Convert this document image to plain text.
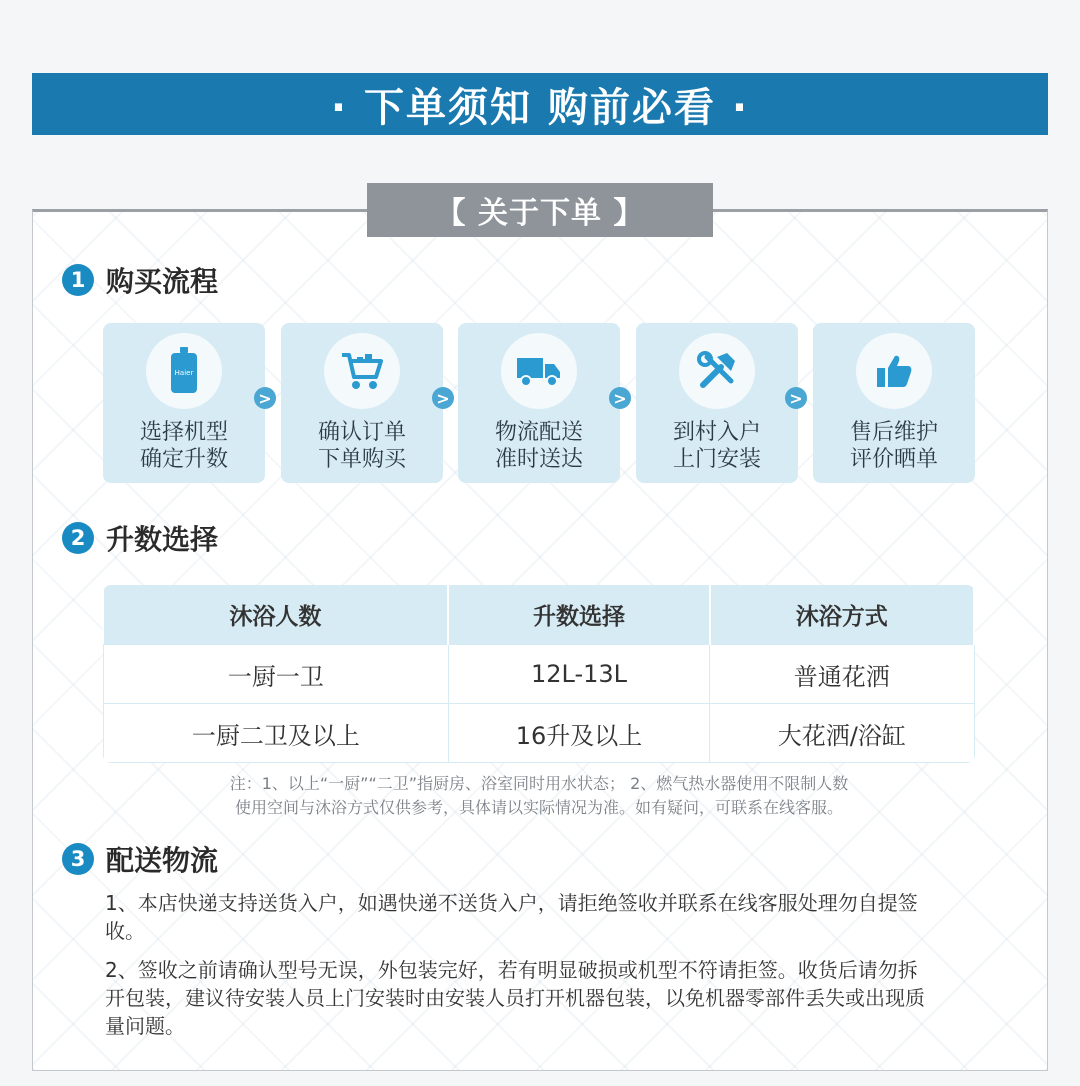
· 下单须知 购前必看 ·
【 关于下单 】
1 购买流程
Haier
选择机型
确定升数
>
确认订单
下单购买
>
物流配送
准时送达
>
到村入户
上门安装
>
售后维护
评价晒单
2 升数选择
沐浴人数	升数选择	沐浴方式
一厨一卫	12L-13L	普通花洒
一厨二卫及以上	16升及以上	大花洒/浴缸
注：1、以上“一厨”“二卫”指厨房、浴室同时用水状态； 2、燃气热水器使用不限制人数
使用空间与沐浴方式仅供参考，具体请以实际情况为准。如有疑问，可联系在线客服。
3 配送物流
1、本店快递支持送货入户，如遇快递不送货入户，请拒绝签收并联系在线客服处理勿自提签收。
2、签收之前请确认型号无误，外包装完好，若有明显破损或机型不符请拒签。收货后请勿拆开包装，建议待安装人员上门安装时由安装人员打开机器包装，以免机器零部件丢失或出现质量问题。
